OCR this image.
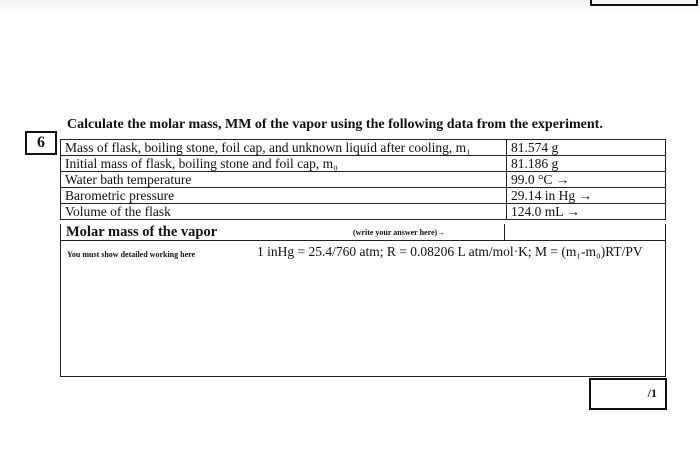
6
Calculate the molar mass, MM of the vapor using the following data from the experiment.
Mass of flask, boiling stone, foil cap, and unknown liquid after cooling, m₁	81.574 g
Initial mass of flask, boiling stone and foil cap, m₀	81.186 g
Water bath temperature	99.0 °C →
Barometric pressure	29.14 in Hg →
Volume of the flask	124.0 mL →
Molar mass of the vapor	(write your answer here)→
You must show detailed working here	1 inHg = 25.4/760 atm; R = 0.08206 L atm/mol·K; M = (m₁-m₀)RT/PV
/1
